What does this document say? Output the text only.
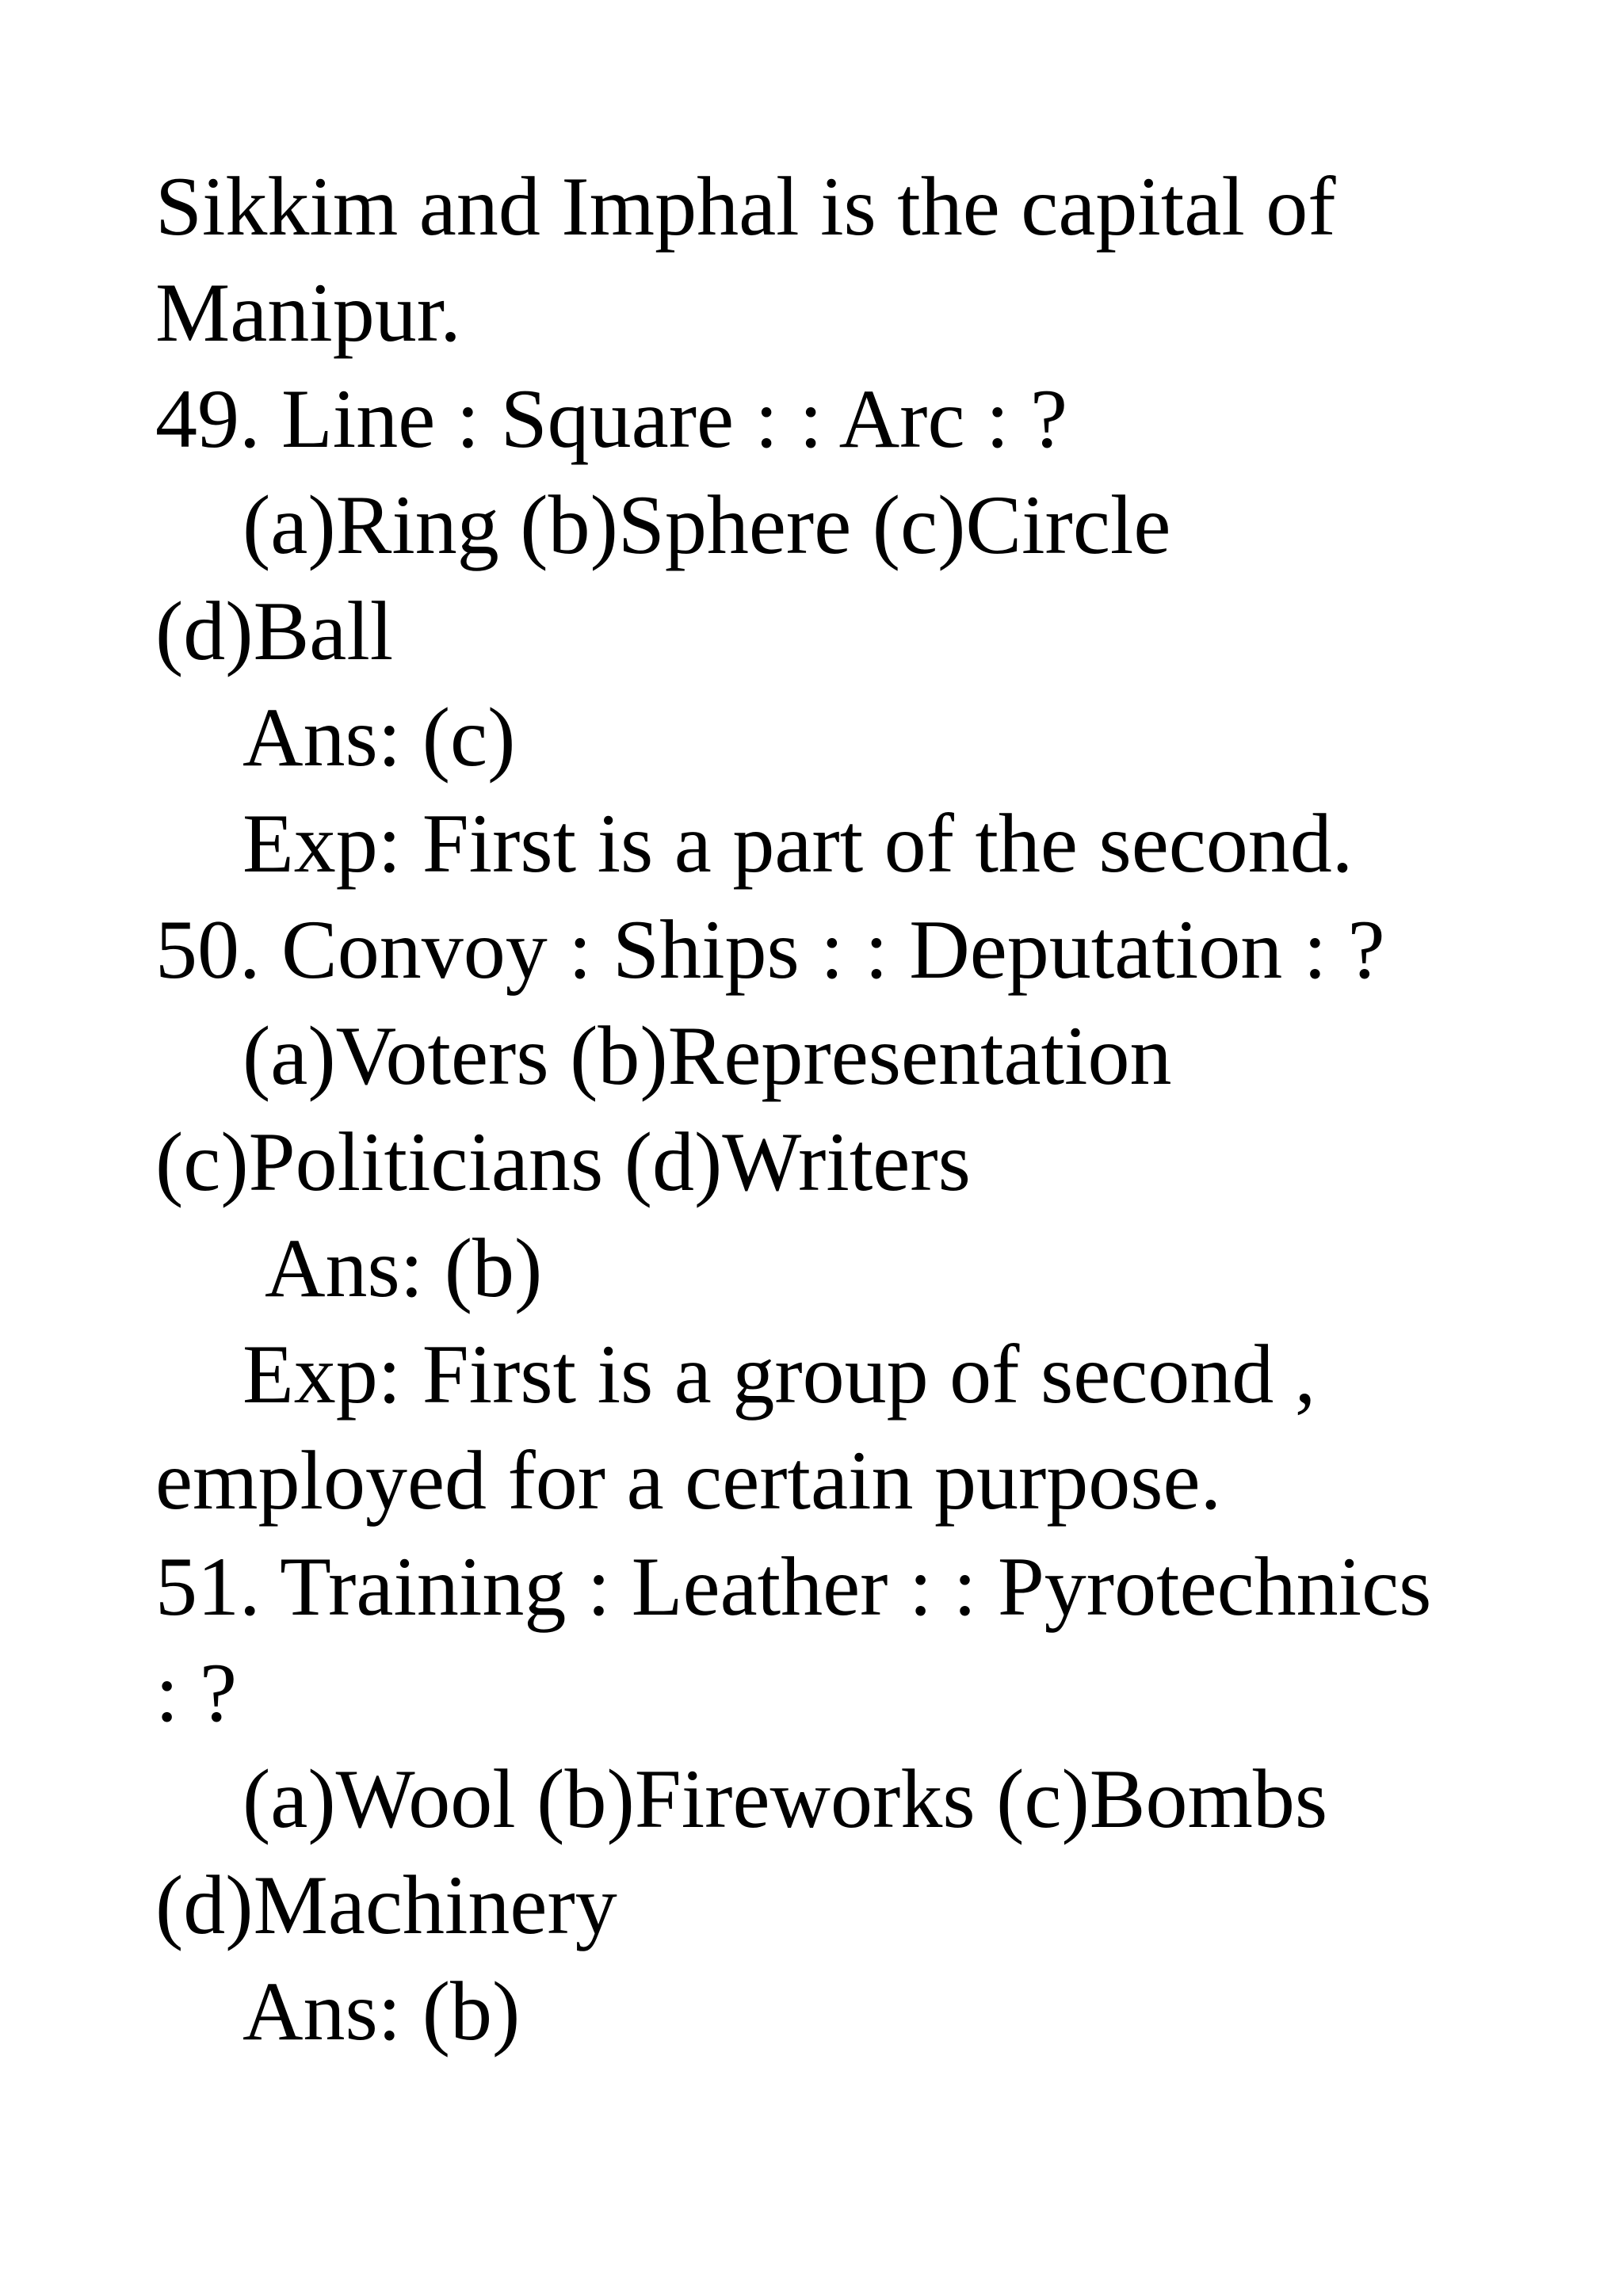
Sikkim and Imphal is the capital of
Manipur.
49. Line : Square : : Arc : ?
(a)Ring (b)Sphere (c)Circle
(d)Ball
Ans: (c)
Exp: First is a part of the second.
50. Convoy : Ships : : Deputation : ?
(a)Voters (b)Representation
(c)Politicians (d)Writers
Ans: (b)
Exp: First is a group of second ,
employed for a certain purpose.
51. Training : Leather : : Pyrotechnics
: ?
(a)Wool (b)Fireworks (c)Bombs
(d)Machinery
Ans: (b)
